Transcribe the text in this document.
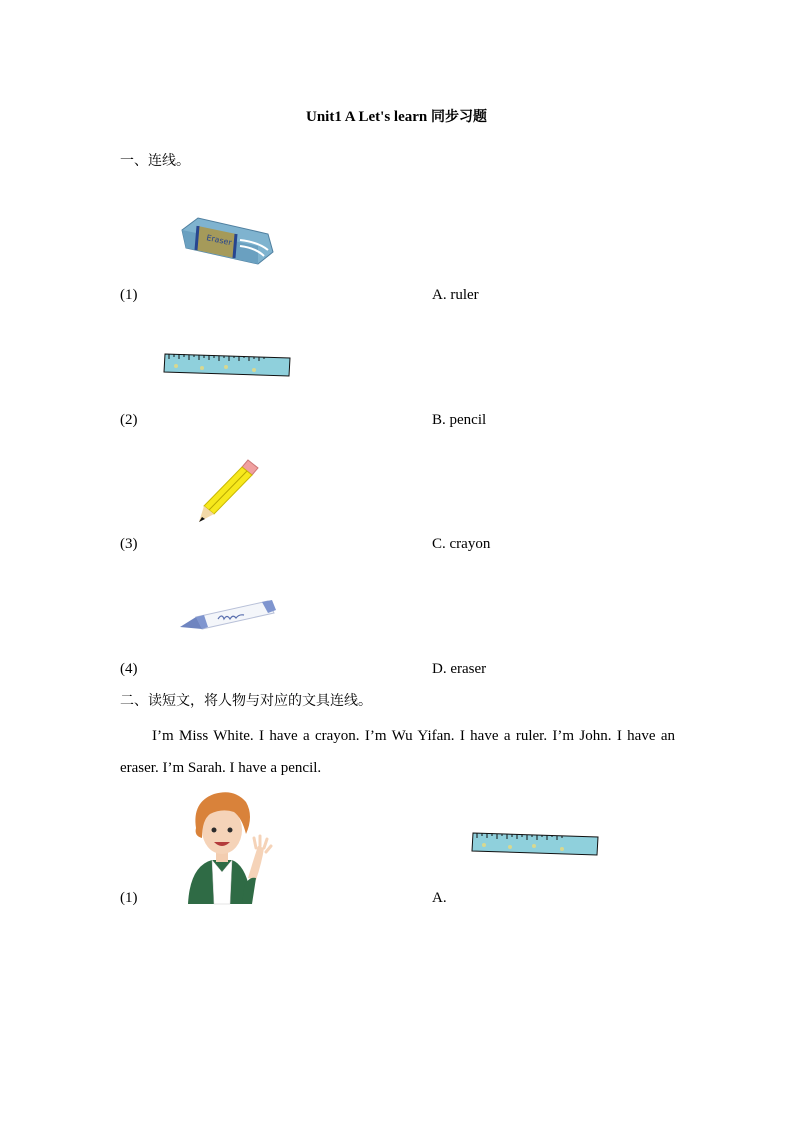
Unit1 A Let's learn 同步习题
一、连线。
Eraser
(1)	A. ruler
(2)	B. pencil
(3)	C. crayon
(4)	D. eraser
二、读短文，将人物与对应的文具连线。
I’m Miss White. I have a crayon. I’m Wu Yifan. I have a ruler. I’m John. I have an eraser. I’m Sarah. I have a pencil.
(1)	A.
